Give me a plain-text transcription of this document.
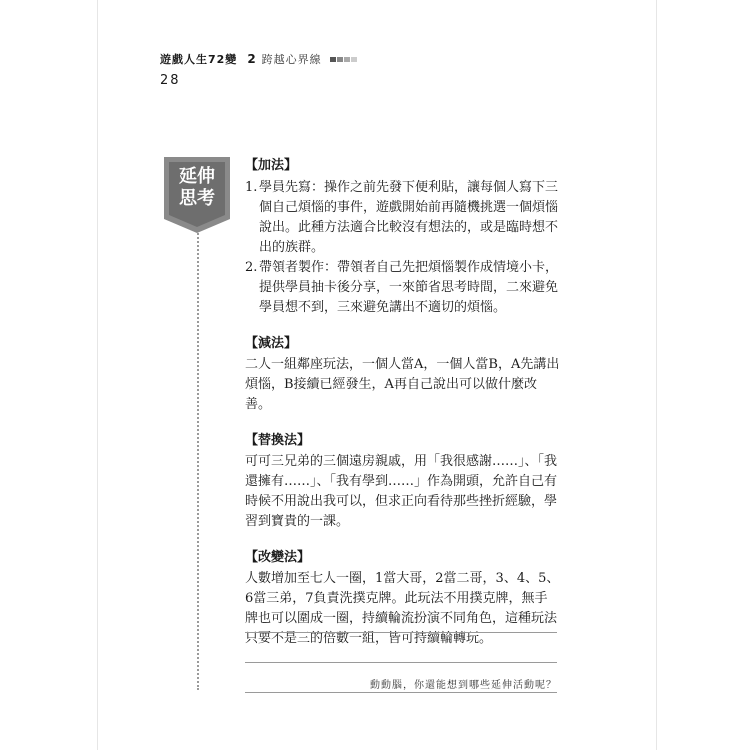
遊戲人生72變 2 跨越心界線
28
延伸
思考
【加法】
1. 學員先寫：操作之前先發下便利貼，讓每個人寫下三個自己煩惱的事件，遊戲開始前再隨機挑選一個煩惱說出。此種方法適合比較沒有想法的，或是臨時想不出的族群。
2. 帶領者製作：帶領者自己先把煩惱製作成情境小卡，提供學員抽卡後分享，一來節省思考時間，二來避免學員想不到，三來避免講出不適切的煩惱。
【減法】

二人一組鄰座玩法，一個人當A，一個人當B，A先講出煩惱，B接續已經發生，A再自己說出可以做什麼改善。

【替換法】

可可三兄弟的三個遠房親戚，用「我很感謝……」、「我還擁有……」、「我有學到……」作為開頭，允許自己有時候不用說出我可以，但求正向看待那些挫折經驗，學習到寶貴的一課。

【改變法】

人數增加至七人一圈，1當大哥，2當二哥，3、4、5、6當三弟，7負責洗撲克牌。此玩法不用撲克牌，無手牌也可以圍成一圈，持續輪流扮演不同角色，這種玩法只要不是三的倍數一組，皆可持續輪轉玩。

動動腦，你還能想到哪些延伸活動呢？
